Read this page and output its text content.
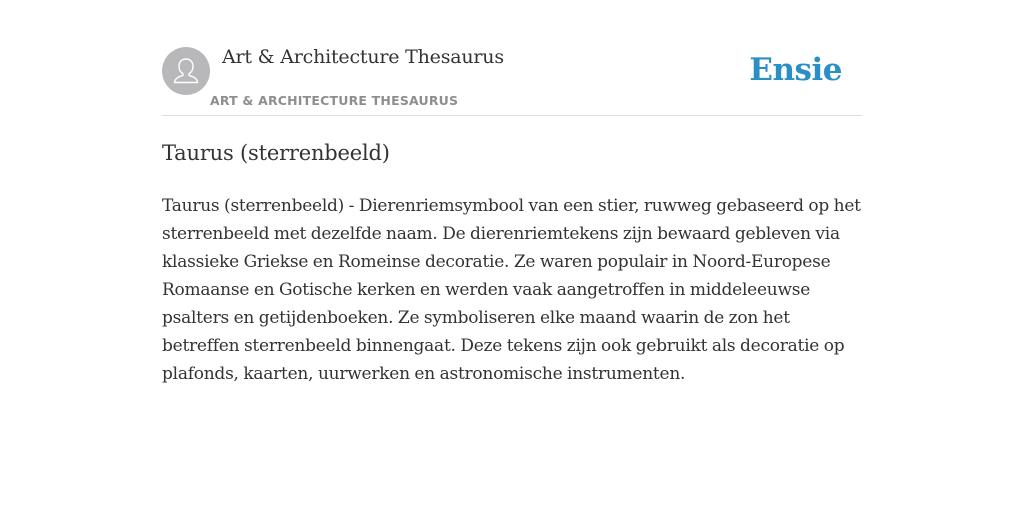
Art & Architecture Thesaurus
ART & ARCHITECTURE THESAURUS
Ensie
Taurus (sterrenbeeld)

Taurus (sterrenbeeld) - Dierenriemsymbool van een stier, ruwweg gebaseerd op het sterrenbeeld met dezelfde naam. De dierenriemtekens zijn bewaard gebleven via klassieke Griekse en Romeinse decoratie. Ze waren populair in Noord-Europese Romaanse en Gotische kerken en werden vaak aangetroffen in middeleeuwse psalters en getijdenboeken. Ze symboliseren elke maand waarin de zon het betreffen sterrenbeeld binnengaat. Deze tekens zijn ook gebruikt als decoratie op plafonds, kaarten, uurwerken en astronomische instrumenten.
